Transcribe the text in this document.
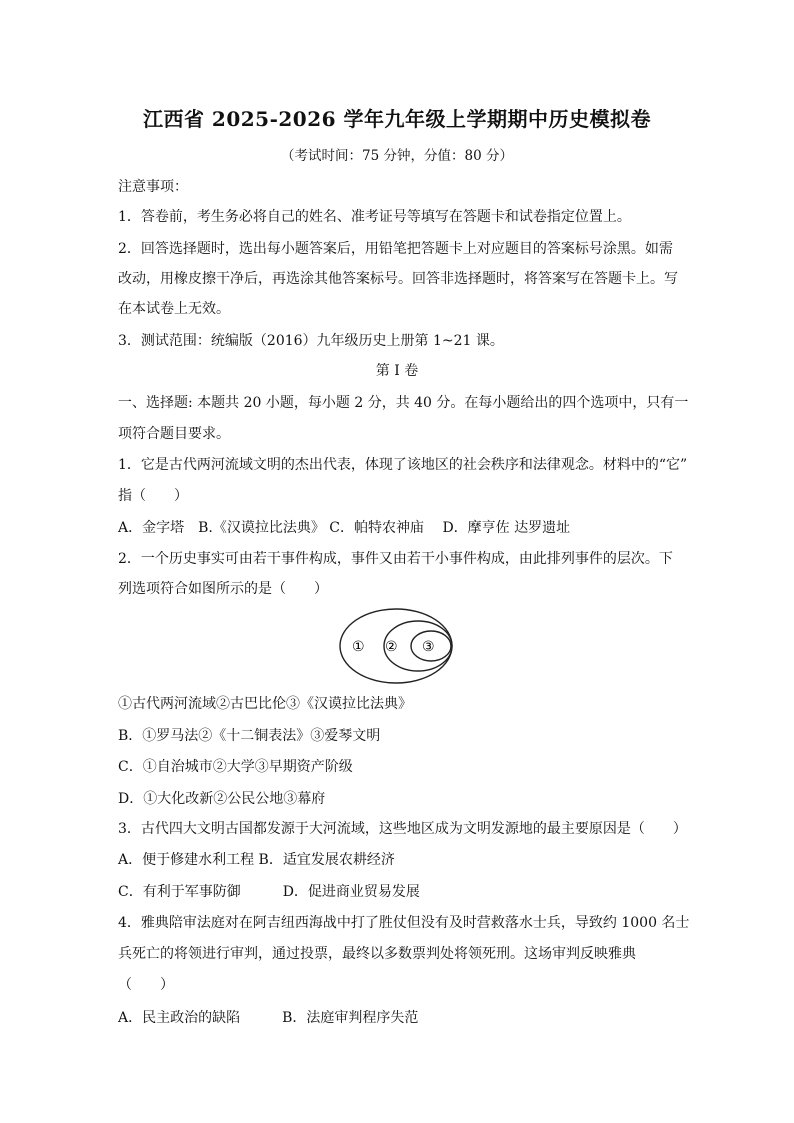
江西省 2025-2026 学年九年级上学期期中历史模拟卷
（考试时间：75 分钟，分值：80 分）
注意事项：
1．答卷前，考生务必将自己的姓名、准考证号等填写在答题卡和试卷指定位置上。
2．回答选择题时，选出每小题答案后，用铅笔把答题卡上对应题目的答案标号涂黑。如需
改动，用橡皮擦干净后，再选涂其他答案标号。回答非选择题时，将答案写在答题卡上。写
在本试卷上无效。
3．测试范围：统编版（2016）九年级历史上册第 1~21 课。
第 I 卷
一、选择题: 本题共 20 小题，每小题 2 分，共 40 分。在每小题给出的四个选项中，只有一
项符合题目要求。
1．它是古代两河流域文明的杰出代表，体现了该地区的社会秩序和法律观念。材料中的“它”
指（　　）
A．金字塔　B.《汉谟拉比法典》 C．帕特农神庙　 D．摩亨佐 达罗遗址
2．一个历史事实可由若干事件构成，事件又由若干小事件构成，由此排列事件的层次。下
列选项符合如图所示的是（　　）
① ② ③
①古代两河流域②古巴比伦③《汉谟拉比法典》
B．①罗马法②《十二铜表法》③爱琴文明
C．①自治城市②大学③早期资产阶级
D．①大化改新②公民公地③幕府
3．古代四大文明古国都发源于大河流域，这些地区成为文明发源地的最主要原因是（　　）
A．便于修建水利工程 B．适宜发展农耕经济
C．有利于军事防御　　　D．促进商业贸易发展
4．雅典陪审法庭对在阿吉纽西海战中打了胜仗但没有及时营救落水士兵，导致约 1000 名士
兵死亡的将领进行审判，通过投票，最终以多数票判处将领死刑。这场审判反映雅典
（　　）
A．民主政治的缺陷　　　B．法庭审判程序失范
